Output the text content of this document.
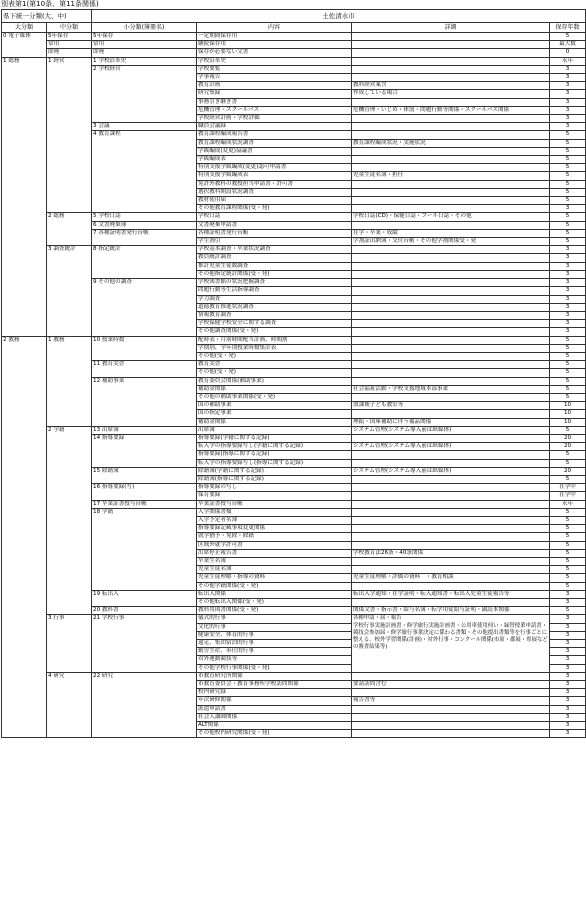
別表第1(第10条、第11条関係)
県下統一分類(大、中)		土佐清水市			
大分類	中分類	小分類(簿冊名)	内容	詳細	保存年数
0 電子媒体	5年保存	5年保存	一定期間保存用		5
	常用	常用	継続保存用		最大数
	即廃	即廃	保存が必要ない文書		0
1 総務	1 経営	1 学校沿革史	学校沿革史		永年
		2 学校経営	学校要覧		3
			学事報告		3
			教育計画	教科経営案含	3
			研究集録	作成している場合	3
			事務引き継ぎ書		3
			危機管理・スクールバス	危機管理・いじめ・体罰・問題行動等関係・スクールバス関係	3
			学校経営計画・学校評価		3
		3 会議	職員会議録		3
		4 教育課程	教育課程編成報告書		5
			教育課程編成状況調査	教育課程編成状況・実施状況	5
			学級編成(変更)協議書		5
			学級編成表		5
			特別支援学級編成(変更)認可申請書		5
			特別支援学級編成表	児童生徒名簿・担任	5
			免許外教科の教授担当申請書・許可書		5
			選択教科開設状況調査		5
			教材使用届		5
			その他教育課程関係(受・発)		3
	2 総務	5 学校日誌	学校日誌	学校日誌(CD)・保健日誌・プール日誌・その他	5
		6 文書廃棄簿	文書廃棄申請書		5
		7 各種証明書発行台帳	各種証明書発行台帳	在学・卒業・成績	5
			学生割引	学割証出納簿・交付台帳・その他学割関係受・発	5
	3 調査統計	8 指定統計	学校基本調査・卒業状況調査		3
			教員統計調査		3
			推計児童生徒数調査		3
			その他指定統計関係(受・発)		3
		9 その他の調査	学校図書館の状況把握調査		3
			問題行動等生活指導調査		3
			学力調査		3
			道徳教育推進状況調査		3
			情報教育調査		3
			学校保健学校安全に関する調査		3
			その他調査関係(受・発)		3
2 教務	1 教務	10 授業時数	配時表・月別時間配当計画、時間割		5
			学期別、学年別授業時数集計表		5
			その他(受・発)		5
		11 教育実習	教育実習		5
			その他(受・発)		5
		12 補助事業	教育委員会関係(補助事業)		5
			補助金関係	社会福祉活動・学校支援地域本部事業	5
			その他の補助事業関係(受・発)		5
			国の補助事業	放課後子ども教室等	10
			国の指定事業		10
			補助金関係	理振・国庫補助に伴う備品関係	10
	2 学籍	13 出席簿	出席簿	システム管理(システム導入前は紙媒体)	5
		14 指導要録	指導要録(学籍に関する記録)		20
			転入学の指導要録写し(学籍に関する記録)	システム管理(システム導入前は紙媒体)	20
			指導要録(指導に関する記録)		5
			転入学の指導要録写し(指導に関する記録)		5
		15 除籍簿	除籍簿(学籍に関する記録)	システム管理(システム導入前は紙媒体)	20
			除籍簿(指導に関する記録)		5
		16 指導要録(写)	指導要録の写し		在学中
			保育要録		在学中
		17 卒業証書授与台帳	卒業証書授与台帳		永年
		18 学籍	入学関係書類		5
			入学予定者名簿		5
			指導要録記載事項変更関係		5
			就学猶予・免除・除籍		5
			区域外就学許可書		5
			出席停止報告書	学校教育法26条・40条関係	5
			卒業生名簿		5
			児童生徒名簿		5
			児童生徒理解・指導の資料	児童生徒理解・評価の資料　・教育相談	5
			その他学籍関係(受・発)		5
		19 転出入	転出入関係	転出入学通知・在学証明・転入通知書・転出入児童生徒報告等	3
			その他転出入関係(受・発)		3
		20 教科書	教科用図書関係(受・発)	関係文書・指示書・給与名簿・転学用徒給与証明・副読本関係	5
	3 行事	21 学校行事	儀式的行事	各種申請・届・報告
学校行事実施計画書・修学旅行実施計画書・公用車使用伺い・緑替授業申請書・競技会参加届・修学旅行事業決定に係わる書類・その他提出書類等を行事ごとに整える。校外学習関係(計画)・対外行事・コンクール関係(市原・郡展・県展などの審査結果等)	3
			文化的行事		3
			健康安全、体育的行事		3
			遠足、集団宿泊的行事		3
			勤労生産、奉仕的行事		3
			対外運動競技等		3
			その他学校行事関係(受・発)		3
	4 研究	22 研究	市教育研究所関係		3
			市教育委員会・教育事務所学校訪問関係	要請訪問含む	3
			校内研究録		3
			年次研修関係	報告書等	3
			派遣申請書		3
			社会人講師関係		3
			ALT関係		3
			その他校内研究関係(受・発)		3
